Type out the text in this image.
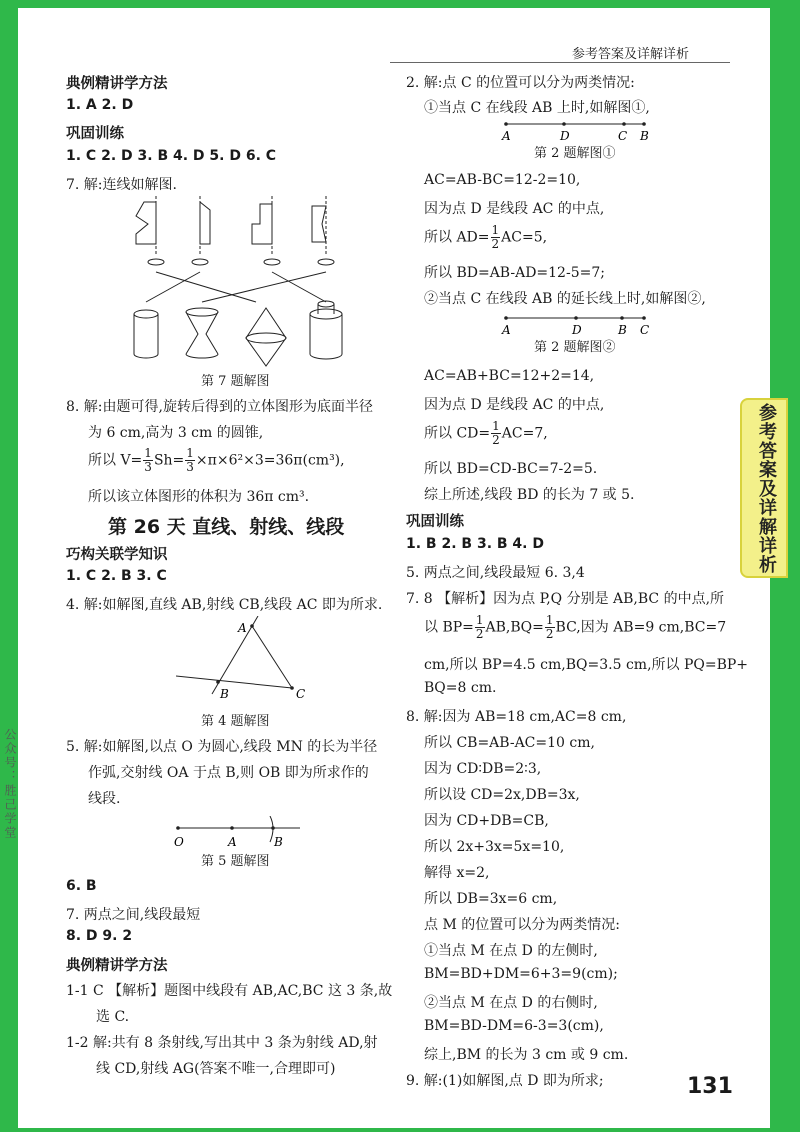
参考答案及详解详析
参考答案及详解详析
公众号：胜己学堂
131
典例精讲学方法
1. A 2. D
巩固训练
1. C 2. D 3. B 4. D 5. D 6. C
7. 解:连线如解图.
第 7 题解图
8. 解:由题可得,旋转后得到的立体图形为底面半径
为 6 cm,高为 3 cm 的圆锥,
所以 $V= \frac{1}{3} Sh= \frac{1}{3} \times\pi\times 6^2\times 3=36\pi(cm^3)$,
所以该立体图形的体积为 36π cm³.
第 26 天 直线、射线、线段
巧构关联学知识
1. C 2. B 3. C
4. 解:如解图,直线 AB,射线 CB,线段 AC 即为所求.
A
B	C
第 4 题解图
5. 解:如解图,以点 O 为圆心,线段 MN 的长为半径
作弧,交射线 OA 于点 B,则 OB 即为所求作的
线段.
O	A	B
第 5 题解图
6. B
7. 两点之间,线段最短
8. D 9. 2
典例精讲学方法
1-1 C 【解析】题图中线段有 AB,AC,BC 这 3 条,故
选 C.
1-2 解:共有 8 条射线,写出其中 3 条为射线 AD,射
线 CD,射线 AG(答案不唯一,合理即可)
2. 解:点 C 的位置可以分为两类情况:
①当点 C 在线段 AB 上时,如解图①,
A	D	C B
第 2 题解图①
AC=AB-BC=12-2=10,
因为点 D 是线段 AC 的中点,
所以 $AD= \frac{1}{2} AC=5$,
所以 BD=AB-AD=12-5=7;
②当点 C 在线段 AB 的延长线上时,如解图②,
A	D	B C
第 2 题解图②
AC=AB+BC=12+2=14,
因为点 D 是线段 AC 的中点,
所以 $CD= \frac{1}{2} AC=7$,
所以 BD=CD-BC=7-2=5.
综上所述,线段 BD 的长为 7 或 5.
巩固训练
1. B 2. B 3. B 4. D
5. 两点之间,线段最短 6. 3,4
7. 8 【解析】因为点 P,Q 分别是 AB,BC 的中点,所
以 $BP= \frac{1}{2} AB,BQ= \frac{1}{2}$ BC,因为 AB=9 cm,BC=7
cm,所以 BP=4.5 cm,BQ=3.5 cm,所以 PQ=BP+
BQ=8 cm.
8. 解:因为 AB=18 cm,AC=8 cm,
所以 CB=AB-AC=10 cm,
因为 CD∶DB=2∶3,
所以设 CD=2x,DB=3x,
因为 CD+DB=CB,
所以 2x+3x=5x=10,
解得 x=2,
所以 DB=3x=6 cm,
点 M 的位置可以分为两类情况:
①当点 M 在点 D 的左侧时,
BM=BD+DM=6+3=9(cm);
②当点 M 在点 D 的右侧时,
BM=BD-DM=6-3=3(cm),
综上,BM 的长为 3 cm 或 9 cm.
9. 解:(1)如解图,点 D 即为所求;
